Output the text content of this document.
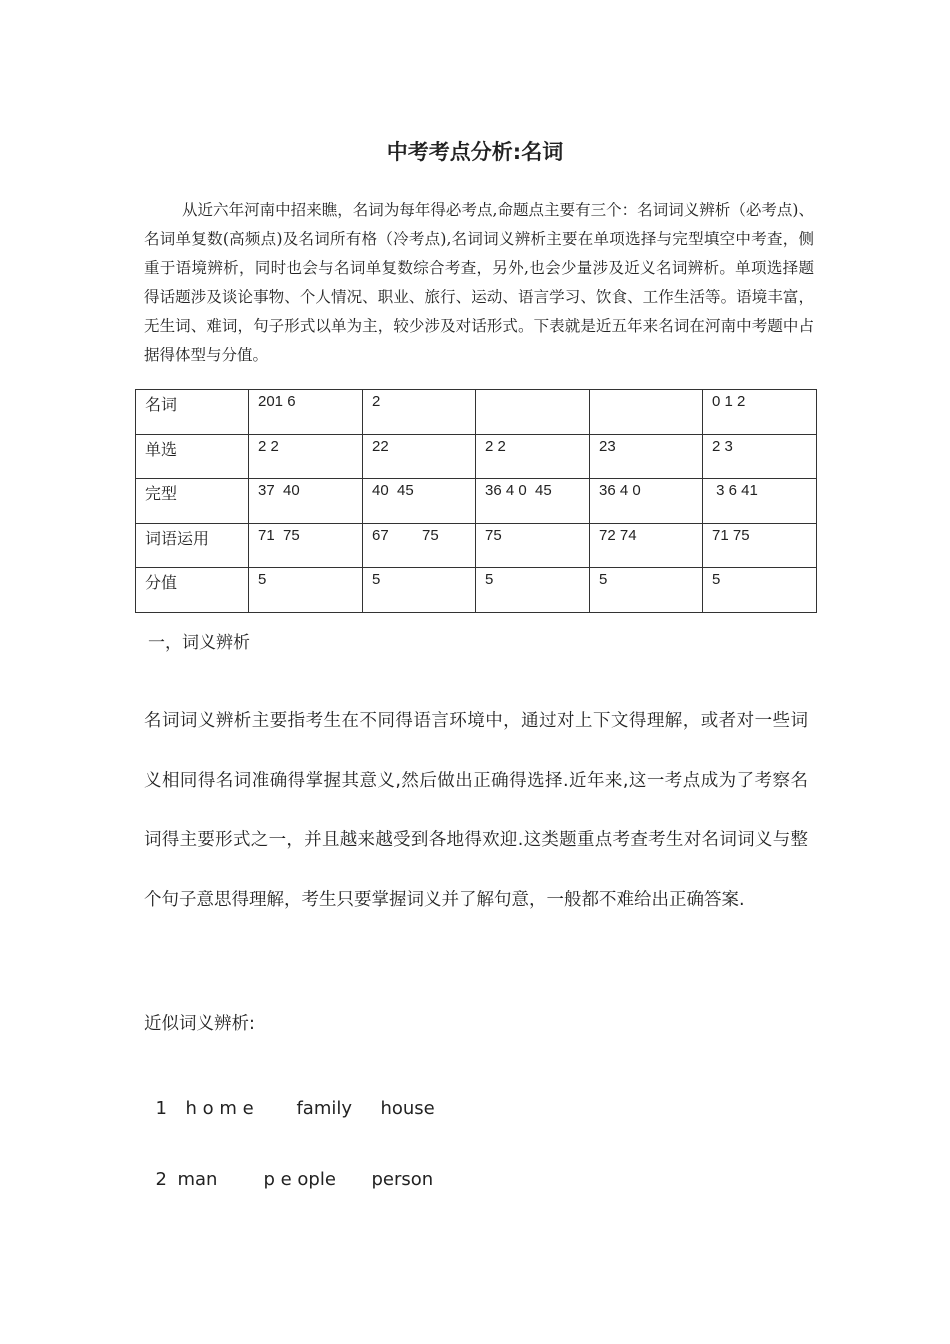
中考考点分析:名词
从近六年河南中招来瞧，名词为每年得必考点,命题点主要有三个：名词词义辨析（必考点)、名词单复数(高频点)及名词所有格（冷考点),名词词义辨析主要在单项选择与完型填空中考查，侧重于语境辨析，同时也会与名词单复数综合考查，另外,也会少量涉及近义名词辨析。单项选择题得话题涉及谈论事物、个人情况、职业、旅行、运动、语言学习、饮食、工作生活等。语境丰富，无生词、难词，句子形式以单为主，较少涉及对话形式。下表就是近五年来名词在河南中考题中占据得体型与分值。
名词	201 6	2			0 1 2
单选	2 2	22	2 2	23	2 3
完型	37  40	40  45	36 4 0  45	36 4 0	3 6 41
词语运用	71  75	67        75	75	72 74	71 75
分值	5	5	5	5	5
一，词义辨析
名词词义辨析主要指考生在不同得语言环境中，通过对上下文得理解，或者对一些词义相同得名词准确得掌握其意义,然后做出正确得选择.近年来,这一考点成为了考察名词得主要形式之一，并且越来越受到各地得欢迎.这类题重点考查考生对名词词义与整个句子意思得理解，考生只要掌握词义并了解句意，一般都不难给出正确答案.
近似词义辨析:

1 h o m e family house

2 man	p e ople person
